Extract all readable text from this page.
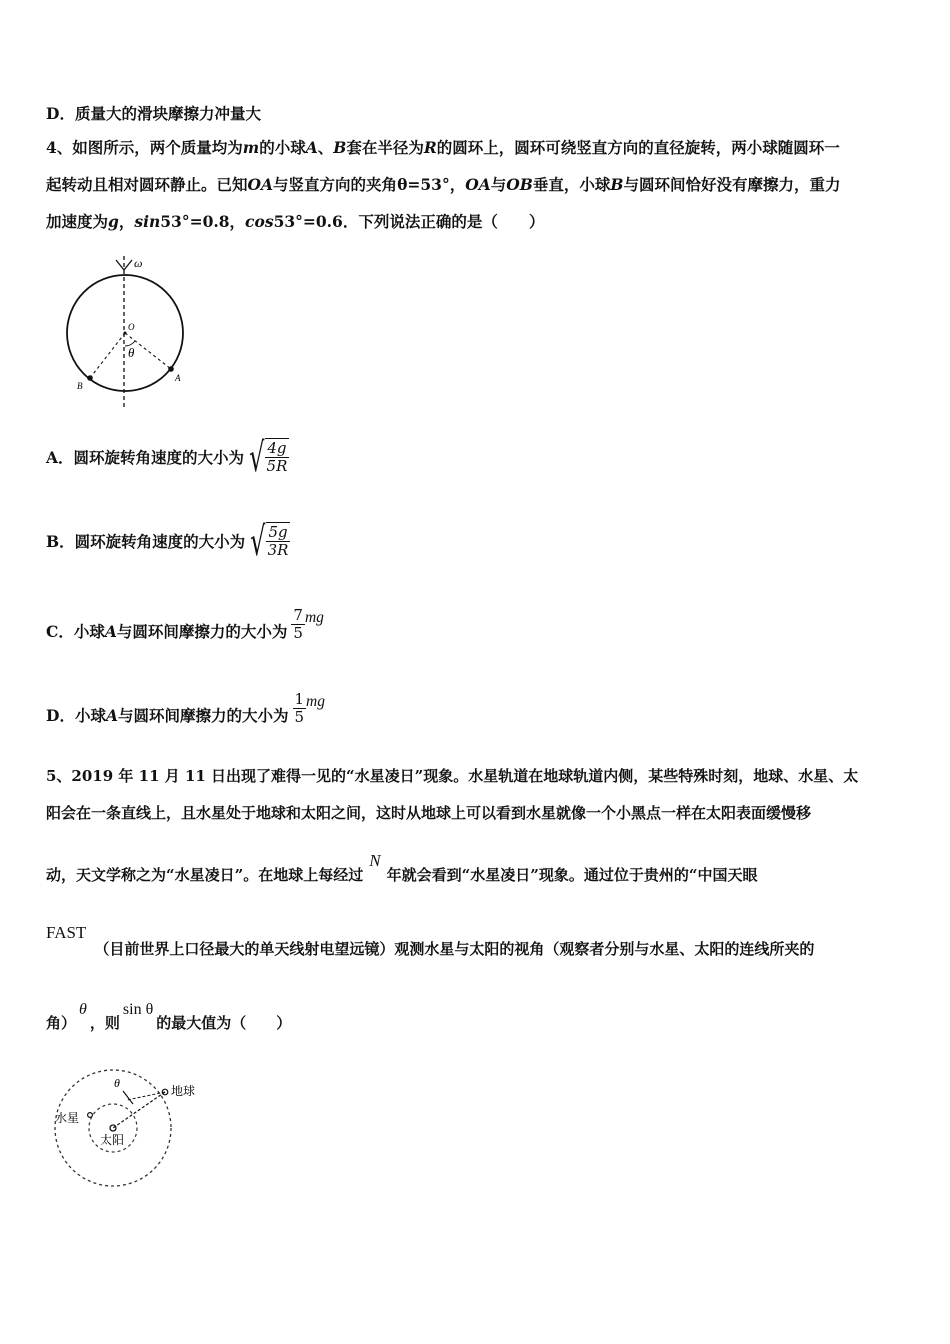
D．质量大的滑块摩擦力冲量大
4、如图所示，两个质量均为m的小球A、B套在半径为R的圆环上，圆环可绕竖直方向的直径旋转，两小球随圆环一
起转动且相对圆环静止。已知OA与竖直方向的夹角θ=53°，OA与OB垂直，小球B与圆环间恰好没有摩擦力，重力
加速度为g，sin53°=0.8，cos53°=0.6．下列说法正确的是（　　）
ω
O
θ
B
A
A．圆环旋转角速度的大小为 √ $\frac{4g}{5R}$
B．圆环旋转角速度的大小为 √ $\frac{5g}{3R}$
C．小球 A 与圆环间摩擦力的大小为 $\frac{7}{5}$ mg
D．小球 A 与圆环间摩擦力的大小为 $\frac{1}{5}$ mg
5、2019 年 11 月 11 日出现了难得一见的“水星凌日”现象。水星轨道在地球轨道内侧，某些特殊时刻，地球、水星、太
阳会在一条直线上，且水星处于地球和太阳之间，这时从地球上可以看到水星就像一个小黑点一样在太阳表面缓慢移
动，天文学称之为“水星凌日”。在地球上每经过N年就会看到“水星凌日”现象。通过位于贵州的“中国天眼
FAST（目前世界上口径最大的单天线射电望远镜）观测水星与太阳的视角（观察者分别与水星、太阳的连线所夹的
角）θ，则sin θ的最大值为（　　）
θ
地球
水星
太阳
